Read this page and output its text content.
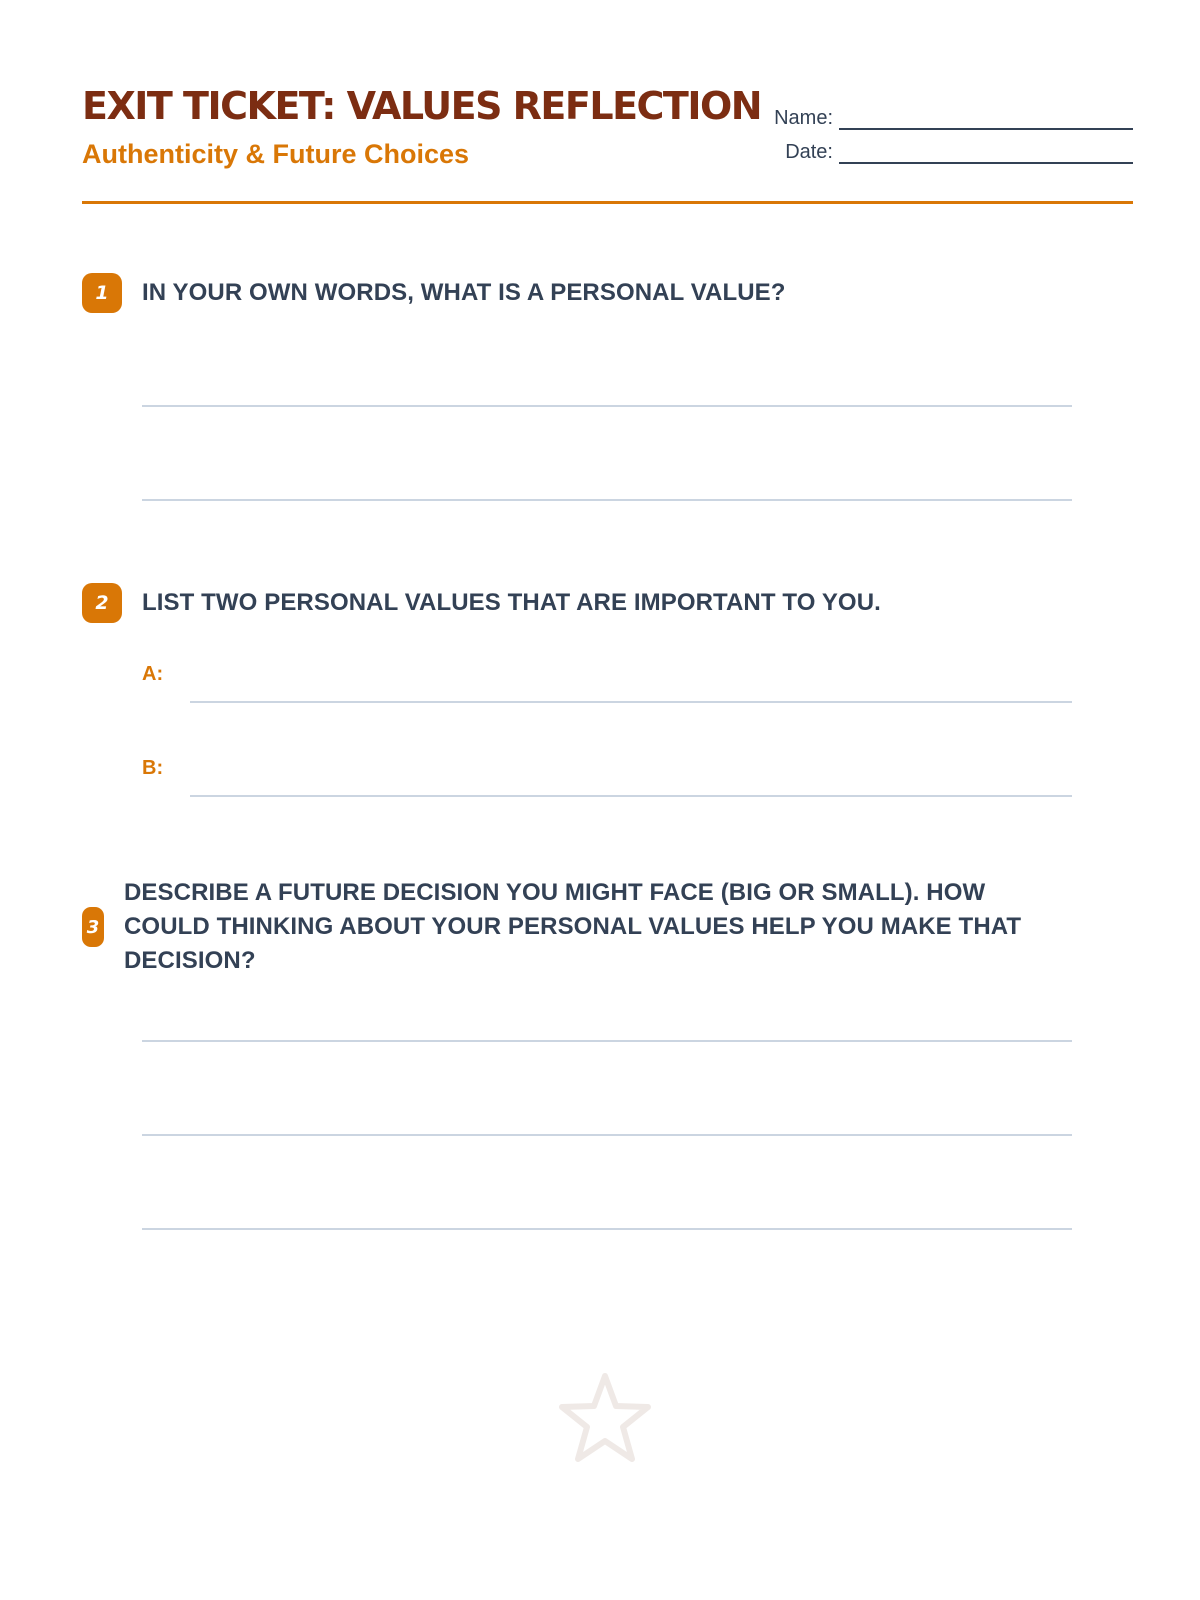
EXIT TICKET: VALUES REFLECTION
Authenticity & Future Choices
Name:
Date:
1	IN YOUR OWN WORDS, WHAT IS A PERSONAL VALUE?
2	LIST TWO PERSONAL VALUES THAT ARE IMPORTANT TO YOU.
A:
B:
3
DESCRIBE A FUTURE DECISION YOU MIGHT FACE (BIG OR SMALL). HOW COULD THINKING ABOUT YOUR PERSONAL VALUES HELP YOU MAKE THAT DECISION?
